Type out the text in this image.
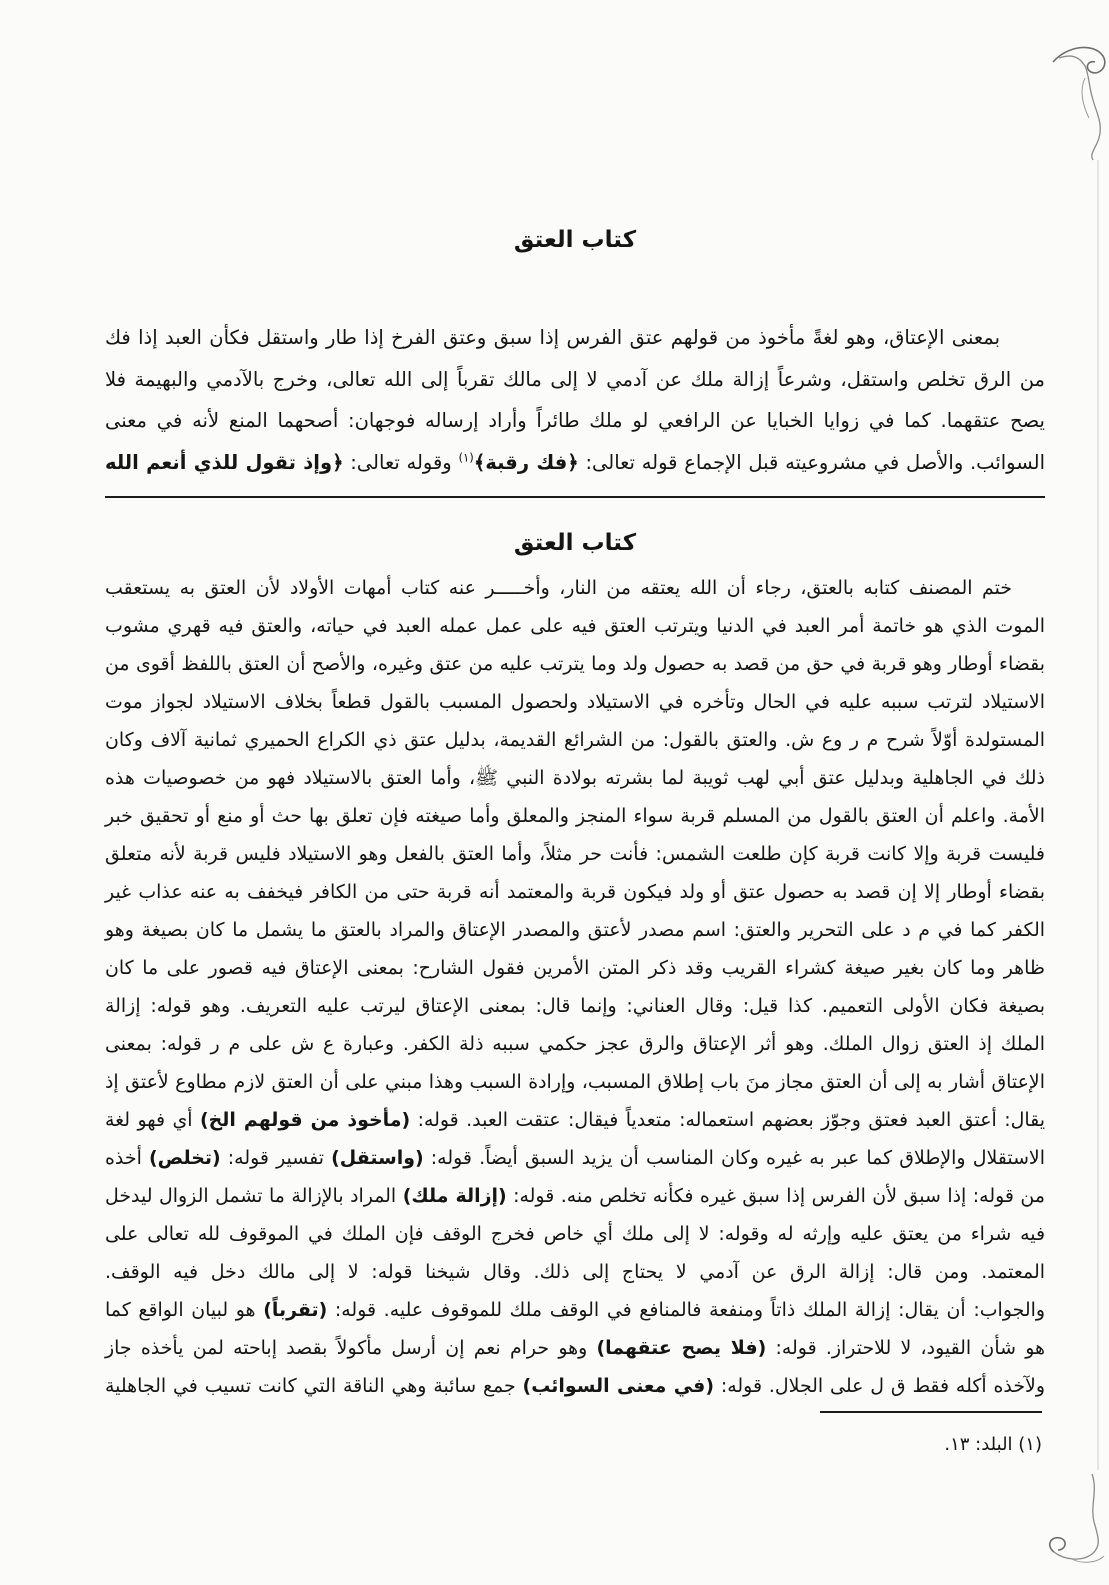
كتاب العتق
بمعنى الإعتاق، وهو لغةً مأخوذ من قولهم عتق الفرس إذا سبق وعتق الفرخ إذا طار واستقل فكأن العبد إذا فك
من الرق تخلص واستقل، وشرعاً إزالة ملك عن آدمي لا إلى مالك تقرباً إلى الله تعالى، وخرج بالآدمي والبهيمة فلا
يصح عتقهما. كما في زوايا الخبايا عن الرافعي لو ملك طائراً وأراد إرساله فوجهان: أصحهما المنع لأنه في معنى
السوائب. والأصل في مشروعيته قبل الإجماع قوله تعالى: ﴿فك رقبة﴾$^{(١)}$ وقوله تعالى: ﴿وإذ تقول للذي أنعم الله
كتاب العتق
ختم المصنف كتابه بالعتق، رجاء أن الله يعتقه من النار، وأخـــــر عنه كتاب أمهات الأولاد لأن العتق به يستعقب
الموت الذي هو خاتمة أمر العبد في الدنيا ويترتب العتق فيه على عمل عمله العبد في حياته، والعتق فيه قهري مشوب
بقضاء أوطار وهو قربة في حق من قصد به حصول ولد وما يترتب عليه من عتق وغيره، والأصح أن العتق باللفظ أقوى من
الاستيلاد لترتب سببه عليه في الحال وتأخره في الاستيلاد ولحصول المسبب بالقول قطعاً بخلاف الاستيلاد لجواز موت
المستولدة أوّلاً شرح م ر وع ش. والعتق بالقول: من الشرائع القديمة، بدليل عتق ذي الكراع الحميري ثمانية آلاف وكان
ذلك في الجاهلية وبدليل عتق أبي لهب ثويبة لما بشرته بولادة النبي ﷺ، وأما العتق بالاستيلاد فهو من خصوصيات هذه
الأمة. واعلم أن العتق بالقول من المسلم قربة سواء المنجز والمعلق وأما صيغته فإن تعلق بها حث أو منع أو تحقيق خبر
فليست قربة وإلا كانت قربة كإن طلعت الشمس: فأنت حر مثلاً، وأما العتق بالفعل وهو الاستيلاد فليس قربة لأنه متعلق
بقضاء أوطار إلا إن قصد به حصول عتق أو ولد فيكون قربة والمعتمد أنه قربة حتى من الكافر فيخفف به عنه عذاب غير
الكفر كما في م د على التحرير والعتق: اسم مصدر لأعتق والمصدر الإعتاق والمراد بالعتق ما يشمل ما كان بصيغة وهو
ظاهر وما كان بغير صيغة كشراء القريب وقد ذكر المتن الأمرين فقول الشارح: بمعنى الإعتاق فيه قصور على ما كان
بصيغة فكان الأولى التعميم. كذا قيل: وقال العناني: وإنما قال: بمعنى الإعتاق ليرتب عليه التعريف. وهو قوله: إزالة
الملك إذ العتق زوال الملك. وهو أثر الإعتاق والرق عجز حكمي سببه ذلة الكفر. وعبارة ع ش على م ر قوله: بمعنى
الإعتاق أشار به إلى أن العتق مجاز منَ باب إطلاق المسبب، وإرادة السبب وهذا مبني على أن العتق لازم مطاوع لأعتق إذ
يقال: أعتق العبد فعتق وجوّز بعضهم استعماله: متعدياً فيقال: عتقت العبد. قوله: (مأخوذ من قولهم الخ) أي فهو لغة
الاستقلال والإطلاق كما عبر به غيره وكان المناسب أن يزيد السبق أيضاً. قوله: (واستقل) تفسير قوله: (تخلص) أخذه
من قوله: إذا سبق لأن الفرس إذا سبق غيره فكأنه تخلص منه. قوله: (إزالة ملك) المراد بالإزالة ما تشمل الزوال ليدخل
فيه شراء من يعتق عليه وإرثه له وقوله: لا إلى ملك أي خاص فخرج الوقف فإن الملك في الموقوف لله تعالى على
المعتمد. ومن قال: إزالة الرق عن آدمي لا يحتاج إلى ذلك. وقال شيخنا قوله: لا إلى مالك دخل فيه الوقف.
والجواب: أن يقال: إزالة الملك ذاتاً ومنفعة فالمنافع في الوقف ملك للموقوف عليه. قوله: (تقرباً) هو لبيان الواقع كما
هو شأن القيود، لا للاحتراز. قوله: (فلا يصح عتقهما) وهو حرام نعم إن أرسل مأكولاً بقصد إباحته لمن يأخذه جاز
ولآخذه أكله فقط ق ل على الجلال. قوله: (في معنى السوائب) جمع سائبة وهي الناقة التي كانت تسيب في الجاهلية
(١) البلد: ١٣.
